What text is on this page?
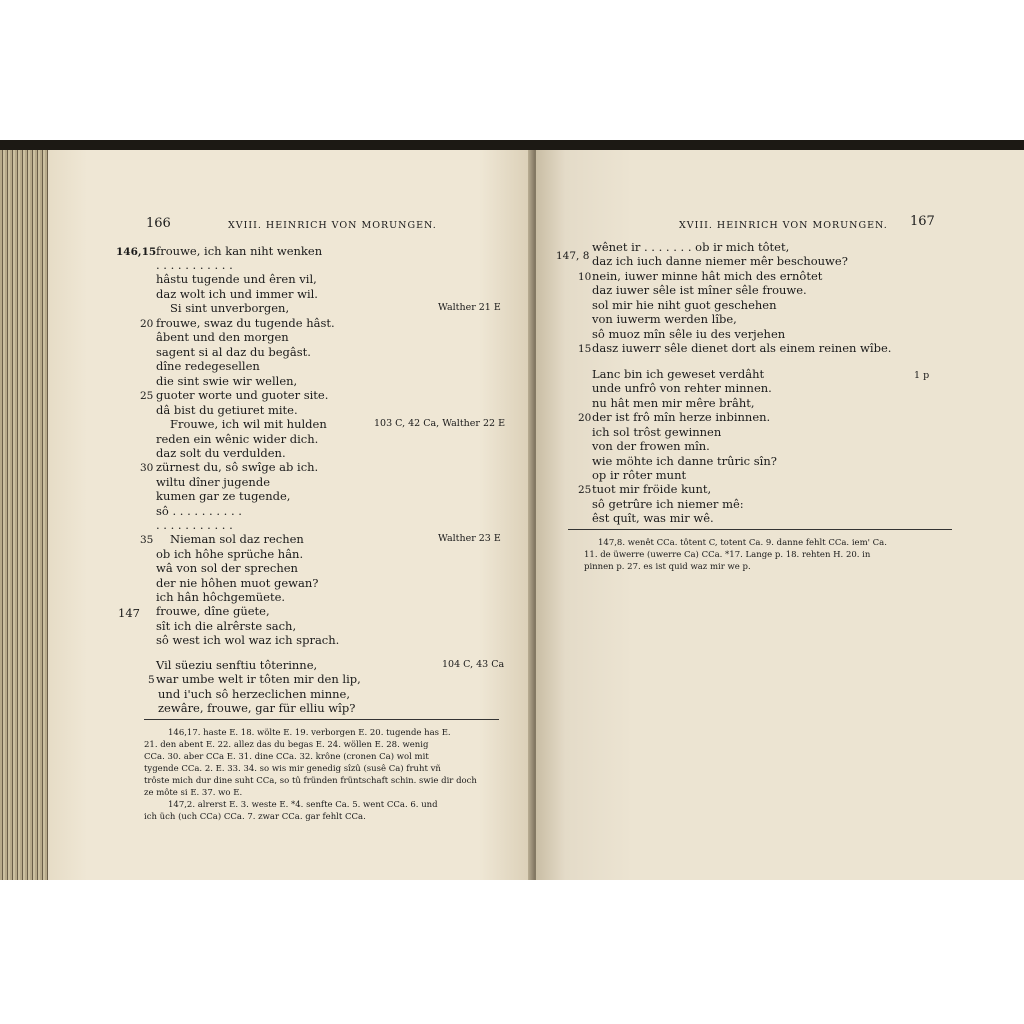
166	XVIII. HEINRICH VON MORUNGEN.
146,15 frouwe, ich kan niht wenken
. . . . . . . . . . .
hâstu tugende und êren vil,
daz wolt ich und immer wil.
Si sint unverborgen,
20 frouwe, swaz du tugende hâst.
âbent und den morgen
sagent si al daz du begâst.
dîne redegesellen
die sint swie wir wellen,
25 guoter worte und guoter site.
dâ bist du getiuret mite.
Frouwe, ich wil mit hulden
reden ein wênic wider dich.
daz solt du verdulden.
30 zürnest du, sô swîge ab ich.
wiltu dîner jugende
kumen gar ze tugende,
sô . . . . . . . . . .
. . . . . . . . . . .
35 Nieman sol daz rechen
ob ich hôhe sprüche hân.
wâ von sol der sprechen
der nie hôhen muot gewan?
ich hân hôchgemüete.
147 frouwe, dîne güete,
sît ich die alrêrste sach,
sô west ich wol waz ich sprach.
Vil süeziu senftiu tôterinne,
5 war umbe welt ir tôten mir den lip,
und i'uch sô herzeclichen minne,
zewâre, frouwe, gar für elliu wîp?
Walther 21 E
103 C, 42 Ca, Walther 22 E
Walther 23 E
104 C, 43 Ca
146,17. haste E. 18. wölte E. 19. verborgen E. 20. tugende has E.
21. den abent E. 22. allez das du begas E. 24. wöllen E. 28. wenig
CCa. 30. aber CCa E. 31. dine CCa. 32. krône (cronen Ca) wol mit
tygende CCa. 2. E. 33. 34. so wis mir genedig sîzû (susê Ca) fruht vñ
trôste mich dur dine suht CCa, so tû fründen früntschaft schin. swie dir doch
ze môte si E. 37. wo E.
147,2. alrerst E. 3. weste E. *4. senfte Ca. 5. went CCa. 6. und
ich üch (uch CCa) CCa. 7. zwar CCa. gar fehlt CCa.
XVIII. HEINRICH VON MORUNGEN. 167
147, 8
wênet ir . . . . . . . ob ir mich tôtet,
daz ich iuch danne niemer mêr beschouwe?
10 nein, iuwer minne hât mich des ernôtet
daz iuwer sêle ist mîner sêle frouwe.
sol mir hie niht guot geschehen
von iuwerm werden lîbe,
sô muoz mîn sêle iu des verjehen
15 dasz iuwerr sêle dienet dort als einem reinen wîbe.
Lanc bin ich geweset verdâht
unde unfrô von rehter minnen.
nu hât men mir mêre brâht,
20 der ist frô mîn herze inbinnen.
ich sol trôst gewinnen
von der frowen mîn.
wie möhte ich danne trûric sîn?
op ir rôter munt
25 tuot mir fröide kunt,
sô getrûre ich niemer mê:
êst quît, was mir wê.
1 p
147,8. wenêt CCa. tôtent C, totent Ca. 9. danne fehlt CCa. iem' Ca.
11. de üwerre (uwerre Ca) CCa. *17. Lange p. 18. rehten H. 20. in
pinnen p. 27. es ist quid waz mir we p.
